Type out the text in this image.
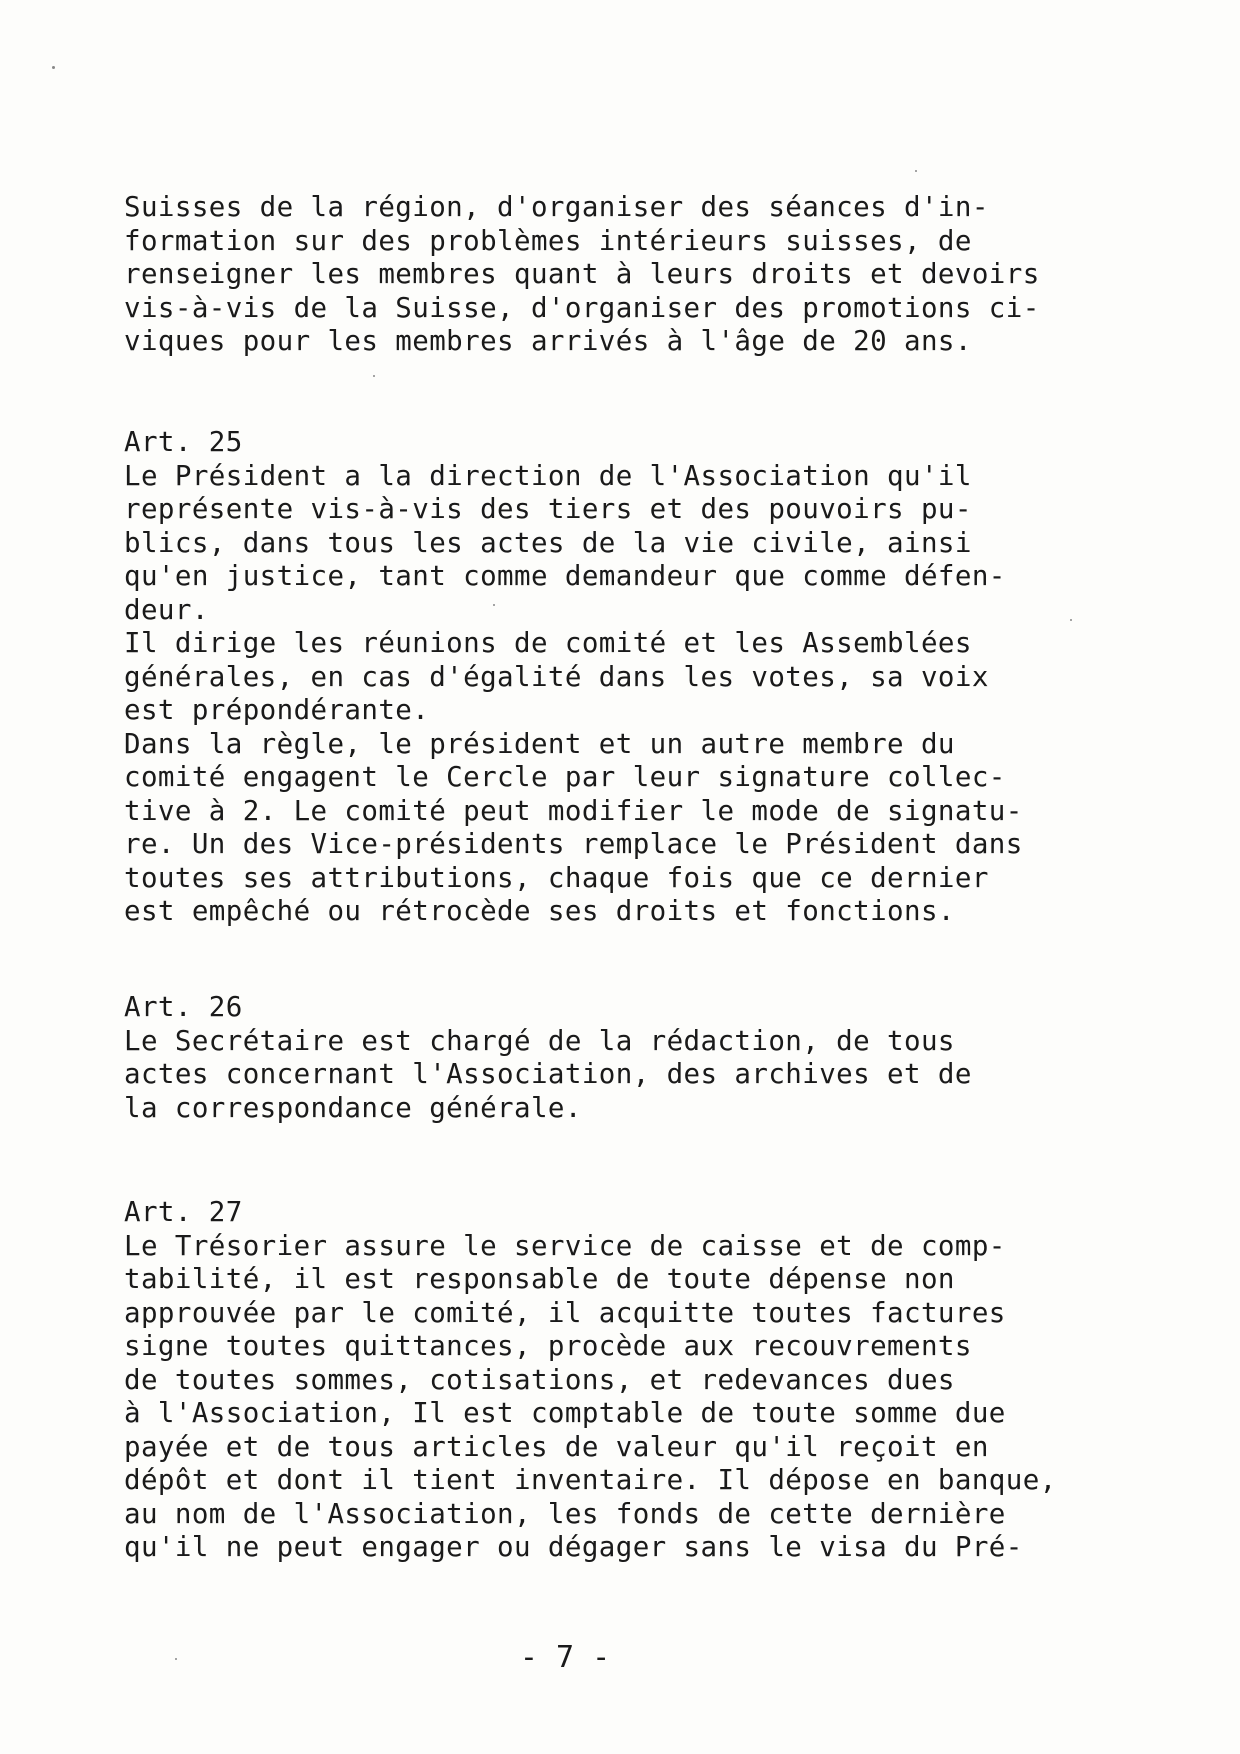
Suisses de la région, d'organiser des séances d'in-
formation sur des problèmes intérieurs suisses, de
renseigner les membres quant à leurs droits et devoirs
vis-à-vis de la Suisse, d'organiser des promotions ci-
viques pour les membres arrivés à l'âge de 20 ans.
Art. 25
Le Président a la direction de l'Association qu'il
représente vis-à-vis des tiers et des pouvoirs pu-
blics, dans tous les actes de la vie civile, ainsi
qu'en justice, tant comme demandeur que comme défen-
deur.
Il dirige les réunions de comité et les Assemblées
générales, en cas d'égalité dans les votes, sa voix
est prépondérante.
Dans la règle, le président et un autre membre du
comité engagent le Cercle par leur signature collec-
tive à 2. Le comité peut modifier le mode de signatu-
re. Un des Vice-présidents remplace le Président dans
toutes ses attributions, chaque fois que ce dernier
est empêché ou rétrocède ses droits et fonctions.
Art. 26
Le Secrétaire est chargé de la rédaction, de tous
actes concernant l'Association, des archives et de
la correspondance générale.
Art. 27
Le Trésorier assure le service de caisse et de comp-
tabilité, il est responsable de toute dépense non
approuvée par le comité, il acquitte toutes factures
signe toutes quittances, procède aux recouvrements
de toutes sommes, cotisations, et redevances dues
à l'Association, Il est comptable de toute somme due
payée et de tous articles de valeur qu'il reçoit en
dépôt et dont il tient inventaire. Il dépose en banque,
au nom de l'Association, les fonds de cette dernière
qu'il ne peut engager ou dégager sans le visa du Pré-
- 7 -
